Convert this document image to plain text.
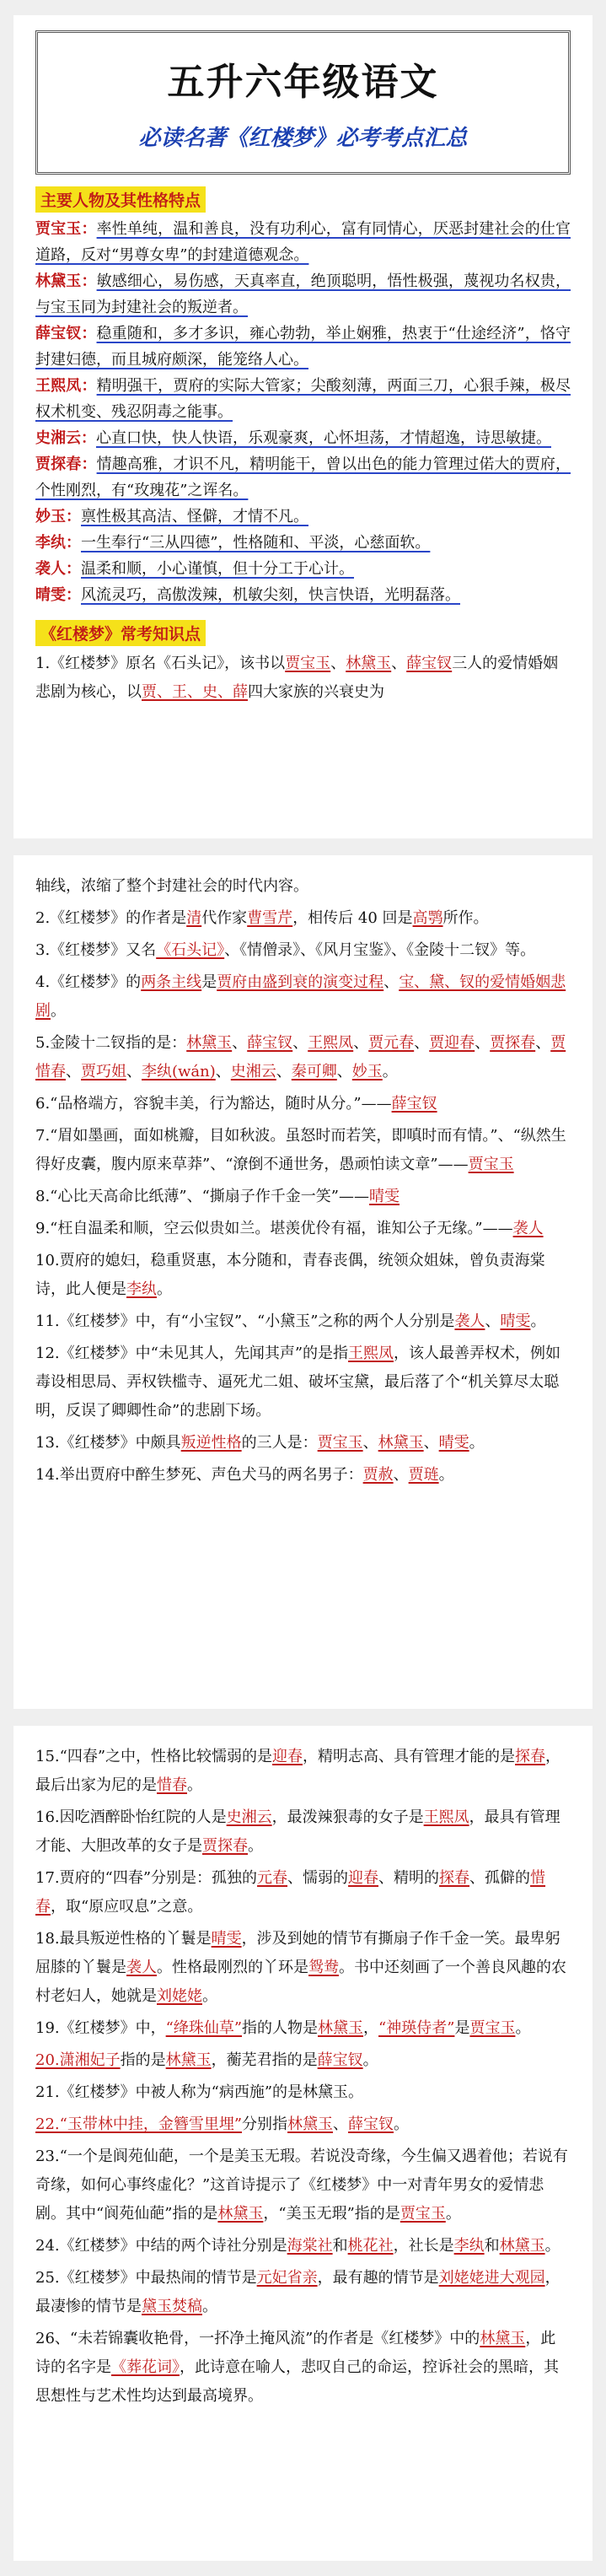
五升六年级语文
必读名著《红楼梦》必考考点汇总
主要人物及其性格特点

贾宝玉：率性单纯，温和善良，没有功利心，富有同情心，厌恶封建社会的仕官道路，反对“男尊女卑”的封建道德观念。

林黛玉：敏感细心，易伤感，天真率直，绝顶聪明，悟性极强，蔑视功名权贵，与宝玉同为封建社会的叛逆者。

薛宝钗：稳重随和，多才多识，雍心勃勃，举止娴雅，热衷于“仕途经济”，恪守封建妇德，而且城府颇深，能笼络人心。

王熙凤：精明强干，贾府的实际大管家；尖酸刻薄，两面三刀，心狠手辣，极尽权术机变、残忍阴毒之能事。

史湘云：心直口快，快人快语，乐观豪爽，心怀坦荡，才情超逸，诗思敏捷。

贾探春：情趣高雅，才识不凡，精明能干，曾以出色的能力管理过偌大的贾府，个性刚烈，有“玫瑰花”之诨名。

妙玉：禀性极其高洁、怪僻，才情不凡。

李纨：一生奉行“三从四德”，性格随和、平淡，心慈面软。

袭人：温柔和顺，小心谨慎，但十分工于心计。

晴雯：风流灵巧，高傲泼辣，机敏尖刻，快言快语，光明磊落。

《红楼梦》常考知识点

1.《红楼梦》原名《石头记》，该书以贾宝玉、林黛玉、薛宝钗三人的爱情婚姻悲剧为核心，以贾、王、史、薛四大家族的兴衰史为

轴线，浓缩了整个封建社会的时代内容。

2.《红楼梦》的作者是清代作家曹雪芹，相传后 40 回是高鹗所作。

3.《红楼梦》又名《石头记》、《情僧录》、《风月宝鉴》、《金陵十二钗》等。

4.《红楼梦》的两条主线是贾府由盛到衰的演变过程、宝、黛、钗的爱情婚姻悲剧。

5.金陵十二钗指的是：林黛玉、薛宝钗、王熙凤、贾元春、贾迎春、贾探春、贾惜春、贾巧姐、李纨(wán)、史湘云、秦可卿、妙玉。

6.“品格端方，容貌丰美，行为豁达，随时从分。”——薛宝钗

7.“眉如墨画，面如桃瓣，目如秋波。虽怒时而若笑，即嗔时而有情。”、“纵然生得好皮囊，腹内原来草莽”、“潦倒不通世务，愚顽怕读文章”——贾宝玉

8.“心比天高命比纸薄”、“撕扇子作千金一笑”——晴雯

9.“枉自温柔和顺，空云似贵如兰。堪羡优伶有福，谁知公子无缘。”——袭人

10.贾府的媳妇，稳重贤惠，本分随和，青春丧偶，统领众姐妹，曾负责海棠诗，此人便是李纨。

11.《红楼梦》中，有“小宝钗”、“小黛玉”之称的两个人分别是袭人、晴雯。

12.《红楼梦》中“未见其人，先闻其声”的是指王熙凤，该人最善弄权术，例如毒设相思局、弄权铁槛寺、逼死尤二姐、破坏宝黛，最后落了个“机关算尽太聪明，反误了卿卿性命”的悲剧下场。

13.《红楼梦》中颇具叛逆性格的三人是：贾宝玉、林黛玉、晴雯。

14.举出贾府中醉生梦死、声色犬马的两名男子：贾赦、贾琏。

15.“四春”之中，性格比较懦弱的是迎春，精明志高、具有管理才能的是探春，最后出家为尼的是惜春。

16.因吃酒醉卧怡红院的人是史湘云，最泼辣狠毒的女子是王熙凤，最具有管理才能、大胆改革的女子是贾探春。

17.贾府的“四春”分别是：孤独的元春、懦弱的迎春、精明的探春、孤僻的惜春，取“原应叹息”之意。

18.最具叛逆性格的丫鬟是晴雯，涉及到她的情节有撕扇子作千金一笑。最卑躬屈膝的丫鬟是袭人。性格最刚烈的丫环是鸳鸯。书中还刻画了一个善良风趣的农村老妇人，她就是刘姥姥。

19.《红楼梦》中，“绛珠仙草”指的人物是林黛玉，“神瑛侍者”是贾宝玉。

20.潇湘妃子指的是林黛玉，蘅芜君指的是薛宝钗。

21.《红楼梦》中被人称为“病西施”的是林黛玉。

22.“玉带林中挂，金簪雪里埋”分别指林黛玉、薛宝钗。

23.“一个是阆苑仙葩，一个是美玉无瑕。若说没奇缘，今生偏又遇着他；若说有奇缘，如何心事终虚化？”这首诗提示了《红楼梦》中一对青年男女的爱情悲剧。其中“阆苑仙葩”指的是林黛玉，“美玉无瑕”指的是贾宝玉。

24.《红楼梦》中结的两个诗社分别是海棠社和桃花社，社长是李纨和林黛玉。

25.《红楼梦》中最热闹的情节是元妃省亲，最有趣的情节是刘姥姥进大观园，最凄惨的情节是黛玉焚稿。

26、“未若锦囊收艳骨，一抔净土掩风流”的作者是《红楼梦》中的林黛玉，此诗的名字是《葬花词》，此诗意在喻人，悲叹自己的命运，控诉社会的黑暗，其思想性与艺术性均达到最高境界。
